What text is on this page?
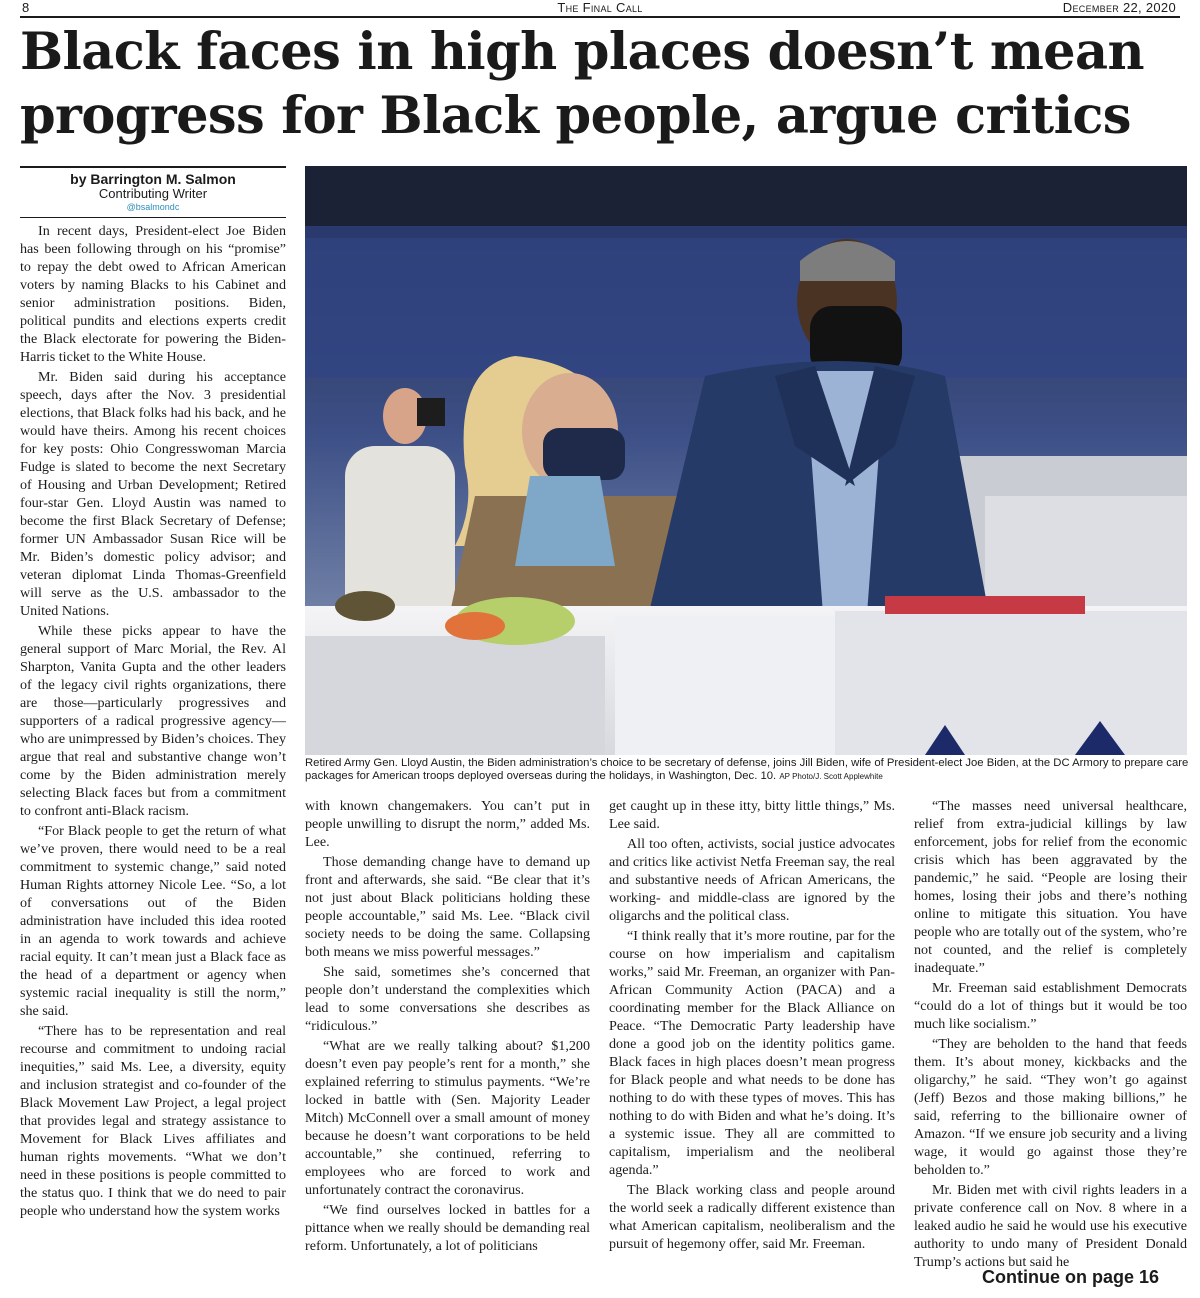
8	The Final Call	December 22, 2020
Black faces in high places doesn’t mean progress for Black people, argue critics
by Barrington M. Salmon
Contributing Writer
@bsalmondc
Retired Army Gen. Lloyd Austin, the Biden administration’s choice to be secretary of defense, joins Jill Biden, wife of President-elect Joe Biden, at the DC Armory to prepare care packages for American troops deployed overseas during the holidays, in Washington, Dec. 10. AP Photo/J. Scott Applewhite

In recent days, President-elect Joe Biden has been following through on his “promise” to repay the debt owed to African American voters by naming Blacks to his Cabinet and senior administration positions. Biden, political pundits and elections experts credit the Black electorate for powering the Biden-Harris ticket to the White House.

Mr. Biden said during his acceptance speech, days after the Nov. 3 presidential elections, that Black folks had his back, and he would have theirs. Among his recent choices for key posts: Ohio Congresswoman Marcia Fudge is slated to become the next Secretary of Housing and Urban Development; Retired four-star Gen. Lloyd Austin was named to become the first Black Secretary of Defense; former UN Ambassador Susan Rice will be Mr. Biden’s domestic policy advisor; and veteran diplomat Linda Thomas-Greenfield will serve as the U.S. ambassador to the United Nations.

While these picks appear to have the general support of Marc Morial, the Rev. Al Sharpton, Vanita Gupta and the other leaders of the legacy civil rights organizations, there are those—particularly progressives and supporters of a radical progressive agency—who are unimpressed by Biden’s choices. They argue that real and substantive change won’t come by the Biden administration merely selecting Black faces but from a commitment to confront anti-Black racism.

“For Black people to get the return of what we’ve proven, there would need to be a real commitment to systemic change,” said noted Human Rights attorney Nicole Lee. “So, a lot of conversations out of the Biden administration have included this idea rooted in an agenda to work towards and achieve racial equity. It can’t mean just a Black face as the head of a department or agency when systemic racial inequality is still the norm,” she said.

“There has to be representation and real recourse and commitment to undoing racial inequities,” said Ms. Lee, a diversity, equity and inclusion strategist and co-founder of the Black Movement Law Project, a legal project that provides legal and strategy assistance to Movement for Black Lives affiliates and human rights movements. “What we don’t need in these positions is people committed to the status quo. I think that we do need to pair people who understand how the system works

with known changemakers. You can’t put in people unwilling to disrupt the norm,” added Ms. Lee.

Those demanding change have to demand up front and afterwards, she said. “Be clear that it’s not just about Black politicians holding these people accountable,” said Ms. Lee. “Black civil society needs to be doing the same. Collapsing both means we miss powerful messages.”

She said, sometimes she’s concerned that people don’t understand the complexities which lead to some conversations she describes as “ridiculous.”

“What are we really talking about? $1,200 doesn’t even pay people’s rent for a month,” she explained referring to stimulus payments. “We’re locked in battle with (Sen. Majority Leader Mitch) McConnell over a small amount of money because he doesn’t want corporations to be held accountable,” she continued, referring to employees who are forced to work and unfortunately contract the coronavirus.

“We find ourselves locked in battles for a pittance when we really should be demanding real reform. Unfortunately, a lot of politicians

get caught up in these itty, bitty little things,” Ms. Lee said.

All too often, activists, social justice advocates and critics like activist Netfa Freeman say, the real and substantive needs of African Americans, the working- and middle-class are ignored by the oligarchs and the political class.

“I think really that it’s more routine, par for the course on how imperialism and capitalism works,” said Mr. Freeman, an organizer with Pan-African Community Action (PACA) and a coordinating member for the Black Alliance on Peace. “The Democratic Party leadership have done a good job on the identity politics game. Black faces in high places doesn’t mean progress for Black people and what needs to be done has nothing to do with these types of moves. This has nothing to do with Biden and what he’s doing. It’s a systemic issue. They all are committed to capitalism, imperialism and the neoliberal agenda.”

The Black working class and people around the world seek a radically different existence than what American capitalism, neoliberalism and the pursuit of hegemony offer, said Mr. Freeman.

“The masses need universal healthcare, relief from extra-judicial killings by law enforcement, jobs for relief from the economic crisis which has been aggravated by the pandemic,” he said. “People are losing their homes, losing their jobs and there’s nothing online to mitigate this situation. You have people who are totally out of the system, who’re not counted, and the relief is completely inadequate.”

Mr. Freeman said establishment Democrats “could do a lot of things but it would be too much like socialism.”

“They are beholden to the hand that feeds them. It’s about money, kickbacks and the oligarchy,” he said. “They won’t go against (Jeff) Bezos and those making billions,” he said, referring to the billionaire owner of Amazon. “If we ensure job security and a living wage, it would go against those they’re beholden to.”

Mr. Biden met with civil rights leaders in a private conference call on Nov. 8 where in a leaked audio he said he would use his executive authority to undo many of President Donald Trump’s actions but said he

Continue on page 16
